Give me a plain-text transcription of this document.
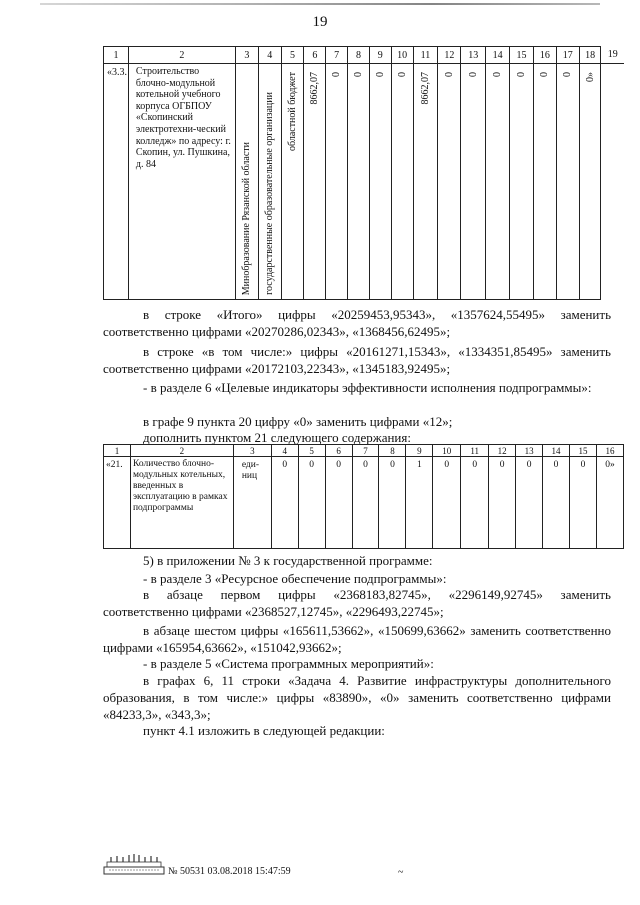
19
1	2	3	4	5	6	7	8	9	10	11	12	13	14	15	16	17	18	19

«3.3.	Строительство блочно-модульной котельной учебного корпуса ОГБПОУ «Скопинский электротехни-ческий колледж» по адресу: г. Скопин, ул. Пушкина, д. 84	Минобразование Рязанской области	государственные образовательные организации	областной бюджет	8662,07	0	0	0	0	8662,07	0	0	0	0	0	0	0»	

в строке «Итого» цифры «20259453,95343», «1357624,55495» заменить соответственно цифрами «20270286,02343», «1368456,62495»;
в строке «в том числе:» цифры «20161271,15343», «1334351,85495» заменить соответственно цифрами «20172103,22343», «1345183,92495»;
- в разделе 6 «Целевые индикаторы эффективности исполнения подпрограммы»:
в графе 9 пункта 20 цифру «0» заменить цифрами «12»;
дополнить пунктом 21 следующего содержания:
1	2	3	4	5	6	7	8	9	10	11	12	13	14	15	16

«21.	Количество блочно-модульных котельных, введенных в эксплуатацию в рамках подпрограммы	еди-ниц	0	0	0	0	0	1	0	0	0	0	0	0	0»
5) в приложении № 3 к государственной программе:
- в разделе 3 «Ресурсное обеспечение подпрограммы»:
в абзаце первом цифры «2368183,82745», «2296149,92745» заменить соответственно цифрами «2368527,12745», «2296493,22745»;
в абзаце шестом цифры «165611,53662», «150699,63662» заменить соответственно цифрами «165954,63662», «151042,93662»;
- в разделе 5 «Система программных мероприятий»:
в графах 6, 11 строки «Задача 4. Развитие инфраструктуры дополнительного образования, в том числе:» цифры «83890», «0» заменить соответственно цифрами «84233,3», «343,3»;
пункт 4.1 изложить в следующей редакции:
№ 50531 03.08.2018 15:47:59	~
